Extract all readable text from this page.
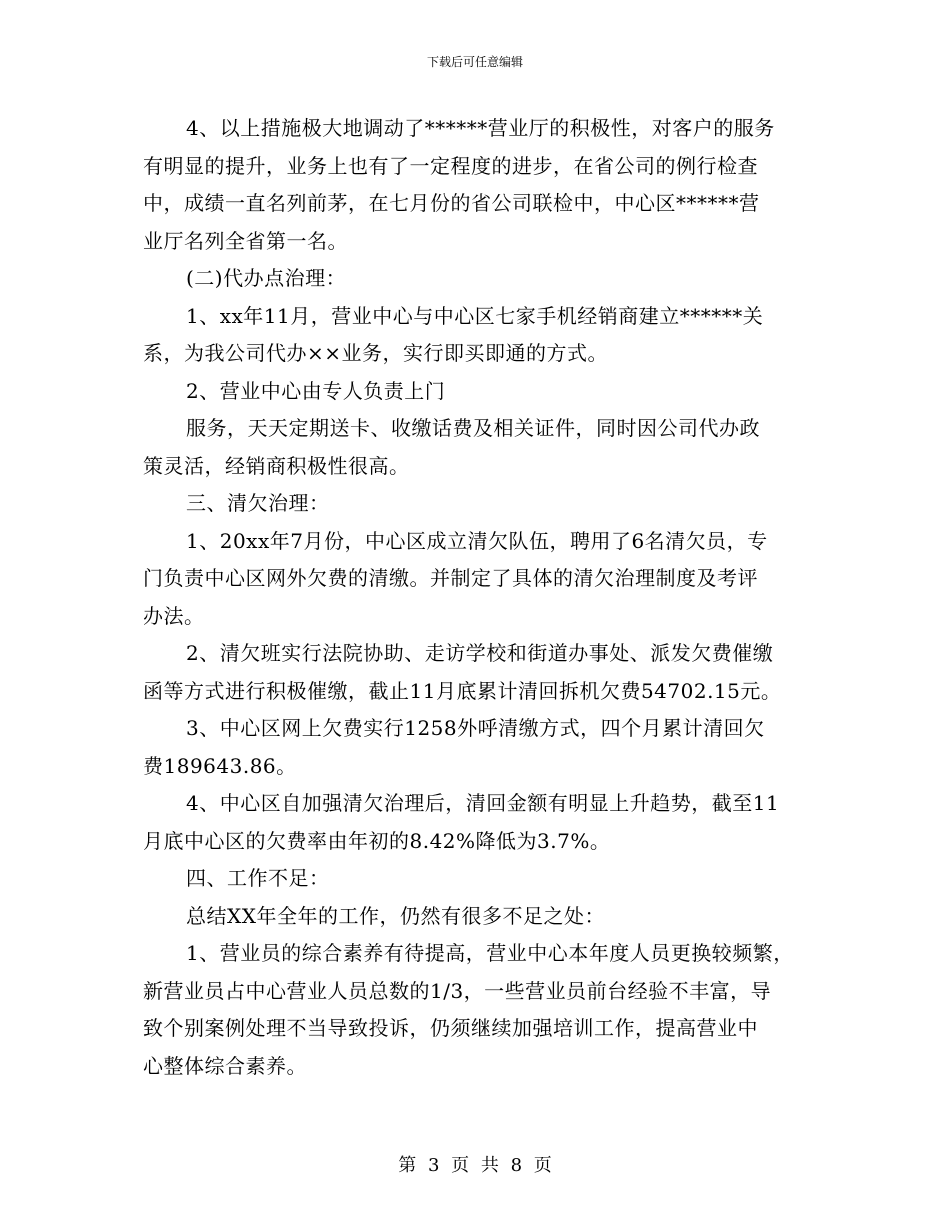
下载后可任意编辑
4、以上措施极大地调动了******营业厅的积极性，对客户的服务
有明显的提升，业务上也有了一定程度的进步，在省公司的例行检查
中，成绩一直名列前茅，在七月份的省公司联检中，中心区******营
业厅名列全省第一名。
(二)代办点治理：
1、xx年11月，营业中心与中心区七家手机经销商建立******关
系，为我公司代办××业务，实行即买即通的方式。
2、营业中心由专人负责上门
服务，天天定期送卡、收缴话费及相关证件，同时因公司代办政
策灵活，经销商积极性很高。
三、清欠治理：
1、20xx年7月份，中心区成立清欠队伍，聘用了6名清欠员，专
门负责中心区网外欠费的清缴。并制定了具体的清欠治理制度及考评
办法。
2、清欠班实行法院协助、走访学校和街道办事处、派发欠费催缴
函等方式进行积极催缴，截止11月底累计清回拆机欠费54702.15元。
3、中心区网上欠费实行1258外呼清缴方式，四个月累计清回欠
费189643.86。
4、中心区自加强清欠治理后，清回金额有明显上升趋势，截至11
月底中心区的欠费率由年初的8.42%降低为3.7%。
四、工作不足：
总结XX年全年的工作，仍然有很多不足之处：
1、营业员的综合素养有待提高，营业中心本年度人员更换较频繁，
新营业员占中心营业人员总数的1/3，一些营业员前台经验不丰富，导
致个别案例处理不当导致投诉，仍须继续加强培训工作，提高营业中
心整体综合素养。
第 3 页 共 8 页
